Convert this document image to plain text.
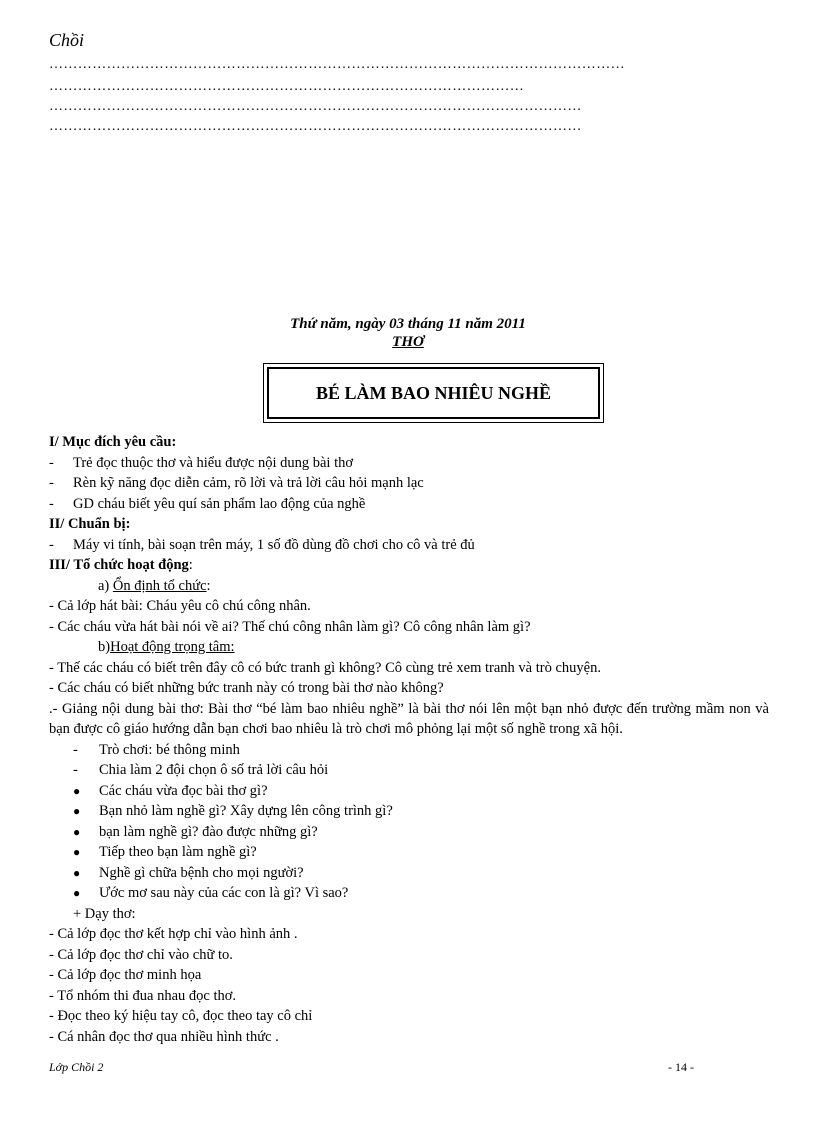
Chồi
…………………………………………………………………………………………………………
………………………………………………………………………………………
…………………………………………………………………………………………………
…………………………………………………………………………………………………
Thứ năm, ngày 03 tháng 11 năm 2011
THƠ
BÉ LÀM BAO NHIÊU NGHỀ
I/ Mục đích yêu cầu:
- Trẻ đọc thuộc thơ và hiểu được nội dung bài thơ
- Rèn kỹ năng đọc diễn cảm, rõ lời và trả lời câu hỏi mạnh lạc
- GD cháu biết yêu quí sản phẩm lao động của nghề
II/ Chuẩn bị:
- Máy vi tính, bài soạn trên máy, 1 số đồ dùng đồ chơi cho cô và trẻ đủ
III/ Tổ chức hoạt động:
a) Ổn định tổ chức:
- Cả lớp hát bài: Cháu yêu cô chú công nhân.
- Các cháu vừa hát bài nói về ai? Thế chú công nhân làm gì? Cô công nhân làm gì?
b)Hoạt động trọng tâm:
- Thế các cháu có biết trên đây cô có bức tranh gì không? Cô cùng trẻ xem tranh và trò chuyện.
- Các cháu có biết những bức tranh này có trong bài thơ nào không?
.- Giảng nội dung bài thơ: Bài thơ “bé làm bao nhiêu nghề” là bài thơ nói lên một bạn nhỏ được đến trường mầm non và bạn được cô giáo hướng dẫn bạn chơi bao nhiêu là trò chơi mô phỏng lại một số nghề trong xã hội.
- Trò chơi: bé thông minh
- Chia làm 2 đội chọn ô số trả lời câu hỏi
● Các cháu vừa đọc bài thơ gì?
● Bạn nhỏ làm nghề gì? Xây dựng lên công trình gì?
● bạn làm nghề gì? đào được những gì?
● Tiếp theo bạn làm nghề gì?
● Nghề gì chữa bệnh cho mọi người?
● Ước mơ sau này của các con là gì? Vì sao?
+ Dạy thơ:
- Cả lớp đọc thơ kết hợp chỉ vào hình ảnh .
- Cả lớp đọc thơ chỉ vào chữ to.
- Cả lớp đọc thơ minh họa
- Tổ nhóm thi đua nhau đọc thơ.
- Đọc theo ký hiệu tay cô, đọc theo tay cô chỉ
- Cá nhân đọc thơ qua nhiều hình thức .
Lớp Chồi 2	- 14 -
